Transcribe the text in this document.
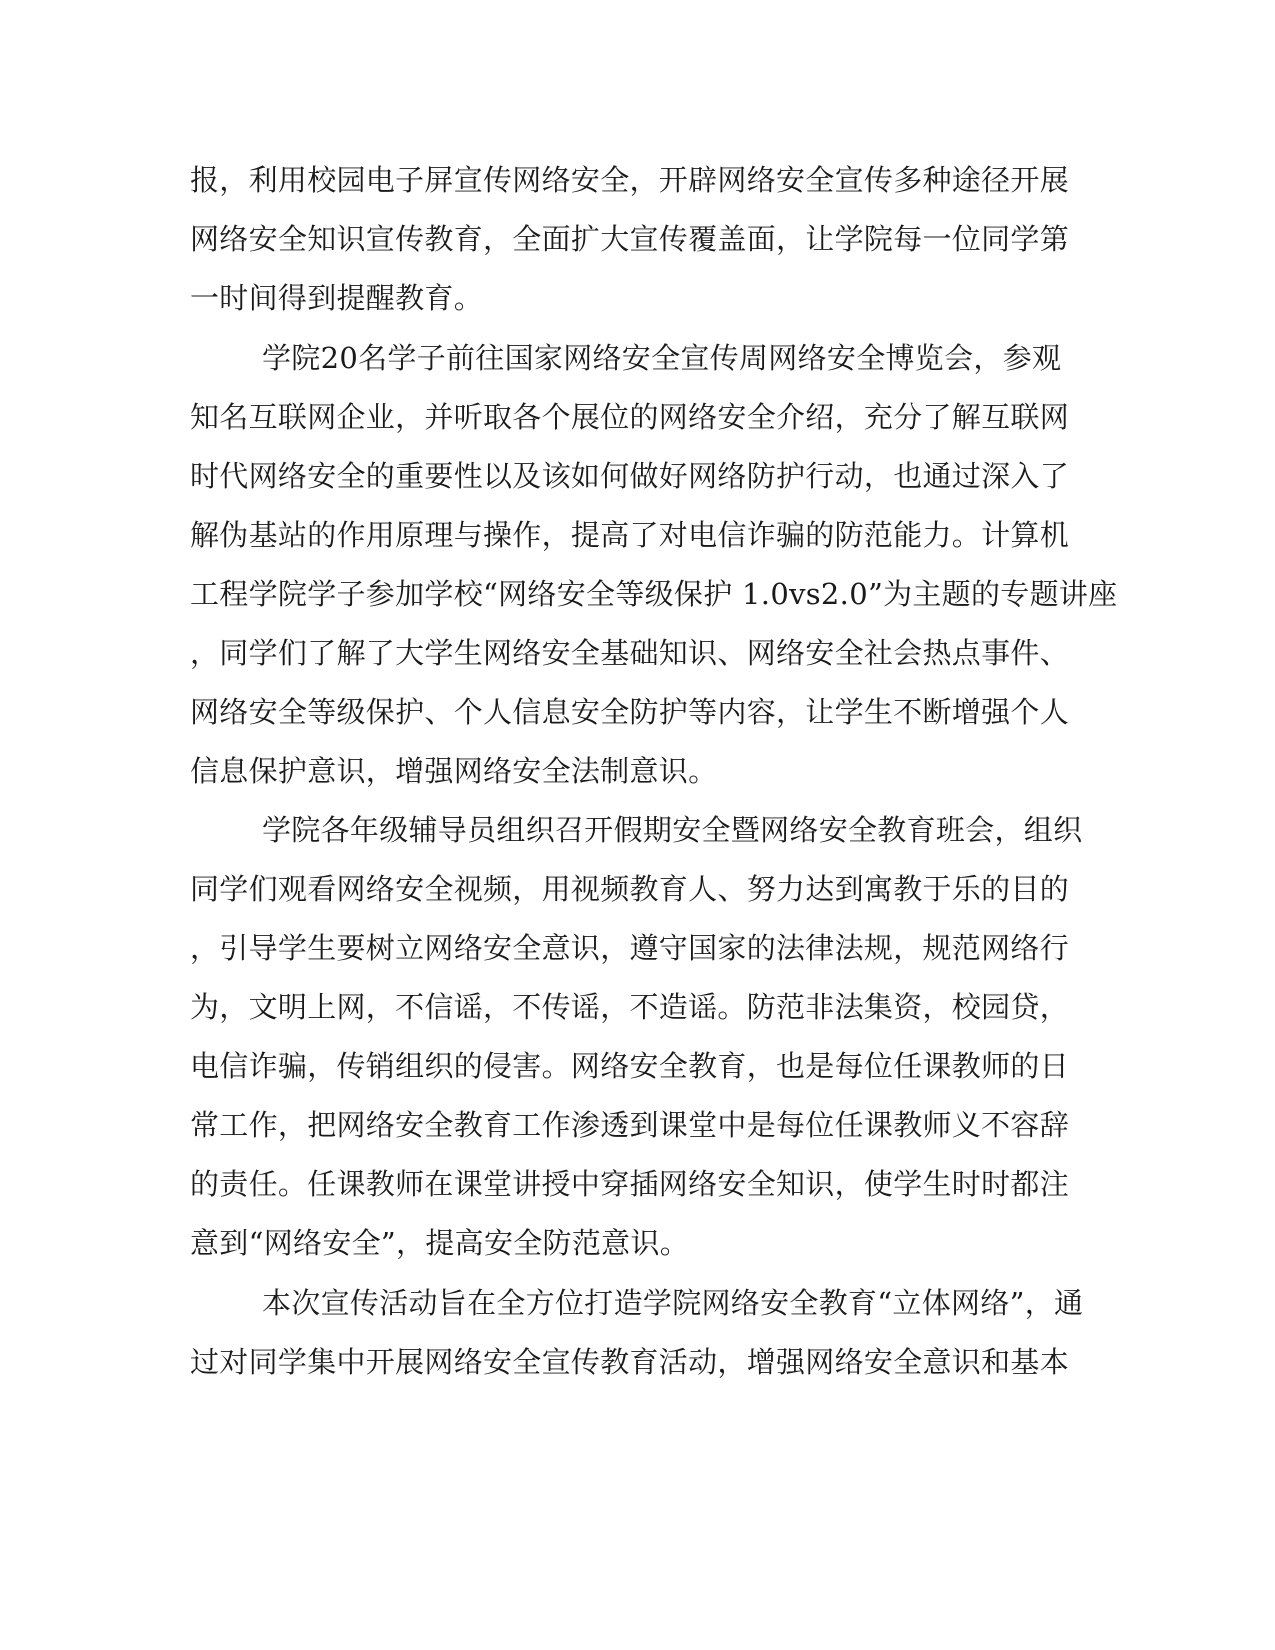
报，利用校园电子屏宣传网络安全，开辟网络安全宣传多种途径开展
网络安全知识宣传教育，全面扩大宣传覆盖面，让学院每一位同学第
一时间得到提醒教育。
学院20名学子前往国家网络安全宣传周网络安全博览会，参观
知名互联网企业，并听取各个展位的网络安全介绍，充分了解互联网
时代网络安全的重要性以及该如何做好网络防护行动，也通过深入了
解伪基站的作用原理与操作，提高了对电信诈骗的防范能力。计算机
工程学院学子参加学校“网络安全等级保护 1.0vs2.0”为主题的专题讲座
，同学们了解了大学生网络安全基础知识、网络安全社会热点事件、
网络安全等级保护、个人信息安全防护等内容，让学生不断增强个人
信息保护意识，增强网络安全法制意识。
学院各年级辅导员组织召开假期安全暨网络安全教育班会，组织
同学们观看网络安全视频，用视频教育人、努力达到寓教于乐的目的
，引导学生要树立网络安全意识，遵守国家的法律法规，规范网络行
为，文明上网，不信谣，不传谣，不造谣。防范非法集资，校园贷，
电信诈骗，传销组织的侵害。网络安全教育，也是每位任课教师的日
常工作，把网络安全教育工作渗透到课堂中是每位任课教师义不容辞
的责任。任课教师在课堂讲授中穿插网络安全知识，使学生时时都注
意到“网络安全”，提高安全防范意识。
本次宣传活动旨在全方位打造学院网络安全教育“立体网络”，通
过对同学集中开展网络安全宣传教育活动，增强网络安全意识和基本
